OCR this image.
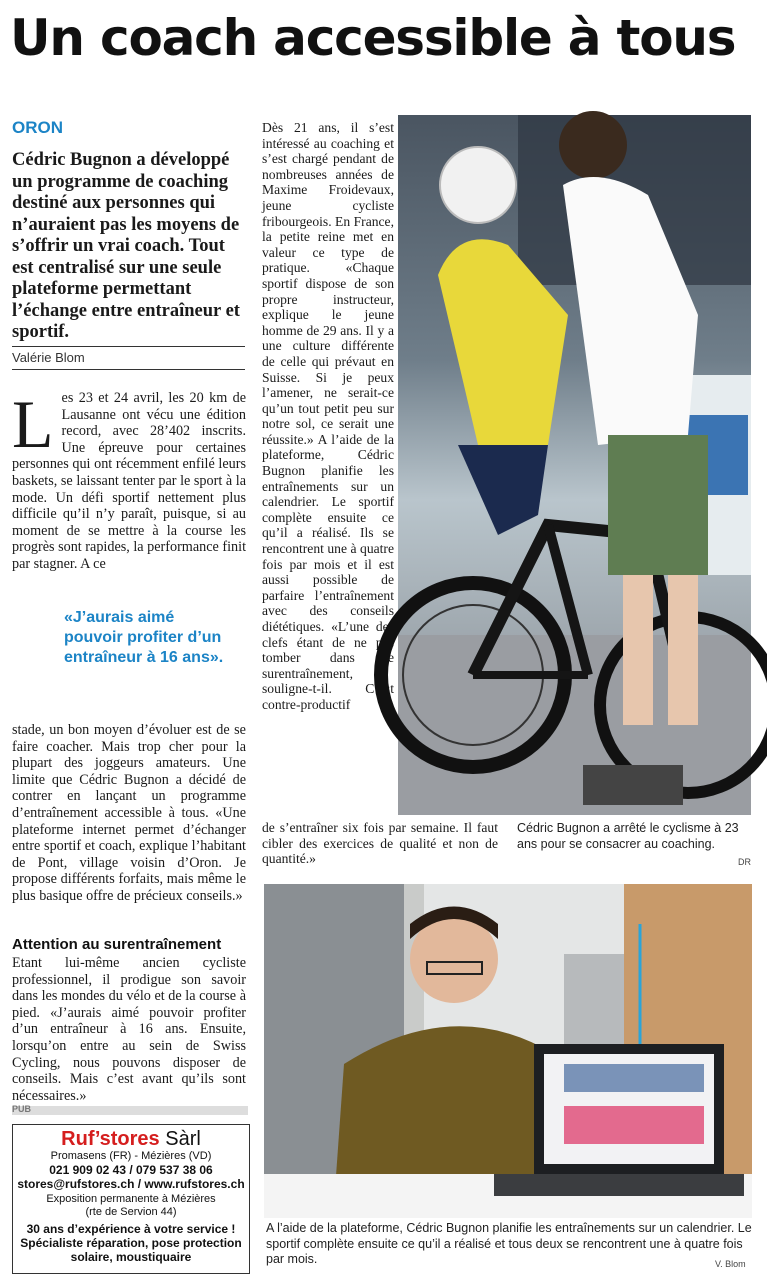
Un coach accessible à tous
ORON
Cédric Bugnon a développé un programme de coaching destiné aux personnes qui n’auraient pas les moyens de s’offrir un vrai coach. Tout est centralisé sur une seule plateforme permettant l’échange entre entraîneur et sportif.
Valérie Blom
Les 23 et 24 avril, les 20 km de Lausanne ont vécu une édition record, avec 28’402 inscrits. Une épreuve pour certaines personnes qui ont récemment enfilé leurs baskets, se laissant tenter par le sport à la mode. Un défi sportif nettement plus difficile qu’il n’y paraît, puisque, si au moment de se mettre à la course les progrès sont rapides, la performance finit par stagner. A ce
«J’aurais aimé pouvoir profiter d’un entraîneur à 16 ans».
stade, un bon moyen d’évoluer est de se faire coacher. Mais trop cher pour la plupart des joggeurs amateurs. Une limite que Cédric Bugnon a décidé de contrer en lançant un programme d’entraînement accessible à tous. «Une plateforme internet permet d’échanger entre sportif et coach, explique l’habitant de Pont, village voisin d’Oron. Je propose différents forfaits, mais même le plus basique offre de précieux conseils.»
Attention au surentraînement
Etant lui-même ancien cycliste professionnel, il prodigue son savoir dans les mondes du vélo et de la course à pied. «J’aurais aimé pouvoir profiter d’un entraîneur à 16 ans. Ensuite, lorsqu’on entre au sein de Swiss Cycling, nous pouvons disposer de conseils. Mais c’est avant qu’ils sont nécessaires.»
PUB
Ruf’stores Sàrl
Promasens (FR) - Mézières (VD)
021 909 02 43 / 079 537 38 06
stores@rufstores.ch / www.rufstores.ch
Exposition permanente à Mézières
(rte de Servion 44)
30 ans d’expérience à votre service !
Spécialiste réparation, pose protection solaire, moustiquaire
Dès 21 ans, il s’est intéressé au coaching et s’est chargé pendant de nombreuses années de Maxime Froidevaux, jeune cycliste fribourgeois. En France, la petite reine met en valeur ce type de pratique. «Chaque sportif dispose de son propre instructeur, explique le jeune homme de 29 ans. Il y a une culture différente de celle qui prévaut en Suisse. Si je peux l’amener, ne serait-ce qu’un tout petit peu sur notre sol, ce serait une réussite.» A l’aide de la plateforme, Cédric Bugnon planifie les entraînements sur un calendrier. Le sportif complète ensuite ce qu’il a réalisé. Ils se rencontrent une à quatre fois par mois et il est aussi possible de parfaire l’entraînement avec des conseils diététiques. «L’une des clefs étant de ne pas tomber dans le surentraînement, souligne-t-il. C’est contre-productif
de s’entraîner six fois par semaine. Il faut cibler des exercices de qualité et non de quantité.»
Cédric Bugnon a arrêté le cyclisme à 23 ans pour se consacrer au coaching.
DR
A l’aide de la plateforme, Cédric Bugnon planifie les entraînements sur un calendrier. Le sportif complète ensuite ce qu’il a réalisé et tous deux se rencontrent une à quatre fois par mois.	V. Blom
